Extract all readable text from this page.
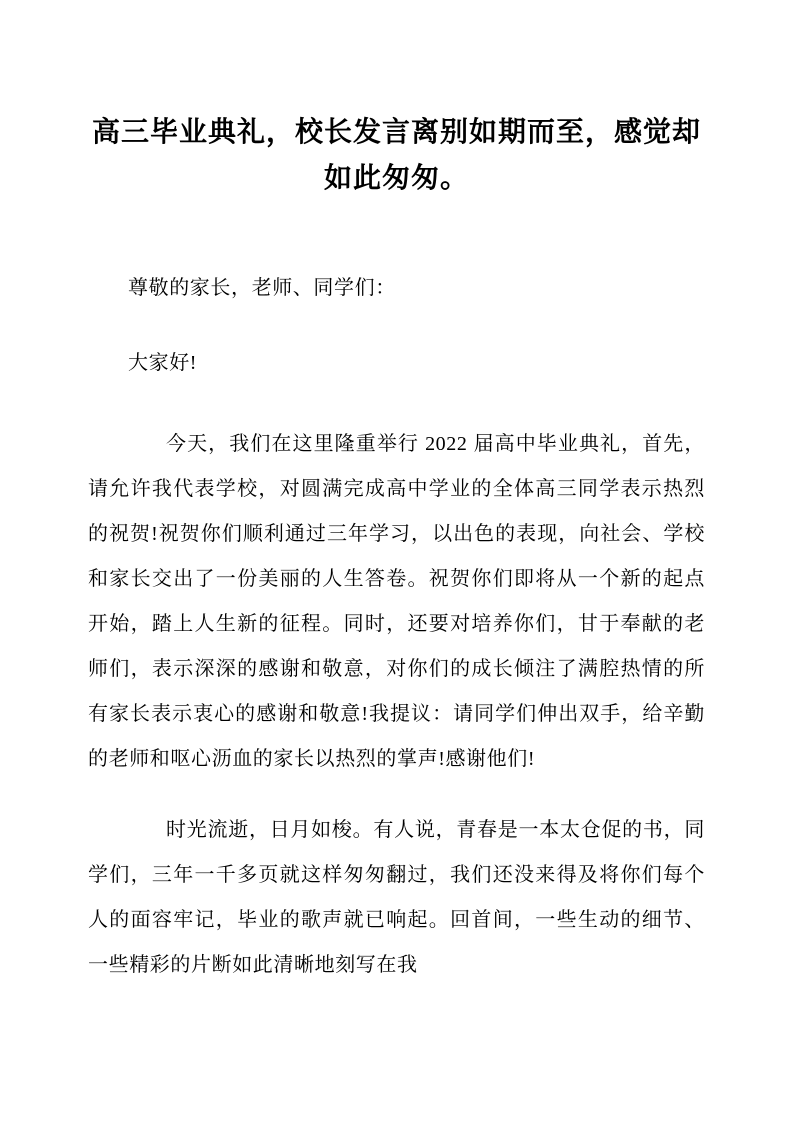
高三毕业典礼，校长发言离别如期而至，感觉却如此匆匆。

尊敬的家长，老师、同学们：

大家好!

今天，我们在这里隆重举行 2022 届高中毕业典礼，首先，请允许我代表学校，对圆满完成高中学业的全体高三同学表示热烈的祝贺!祝贺你们顺利通过三年学习，以出色的表现，向社会、学校和家长交出了一份美丽的人生答卷。祝贺你们即将从一个新的起点开始，踏上人生新的征程。同时，还要对培养你们，甘于奉献的老师们，表示深深的感谢和敬意，对你们的成长倾注了满腔热情的所有家长表示衷心的感谢和敬意!我提议：请同学们伸出双手，给辛勤的老师和呕心沥血的家长以热烈的掌声!感谢他们!

时光流逝，日月如梭。有人说，青春是一本太仓促的书，同学们，三年一千多页就这样匆匆翻过，我们还没来得及将你们每个人的面容牢记，毕业的歌声就已响起。回首间，一些生动的细节、一些精彩的片断如此清晰地刻写在我
